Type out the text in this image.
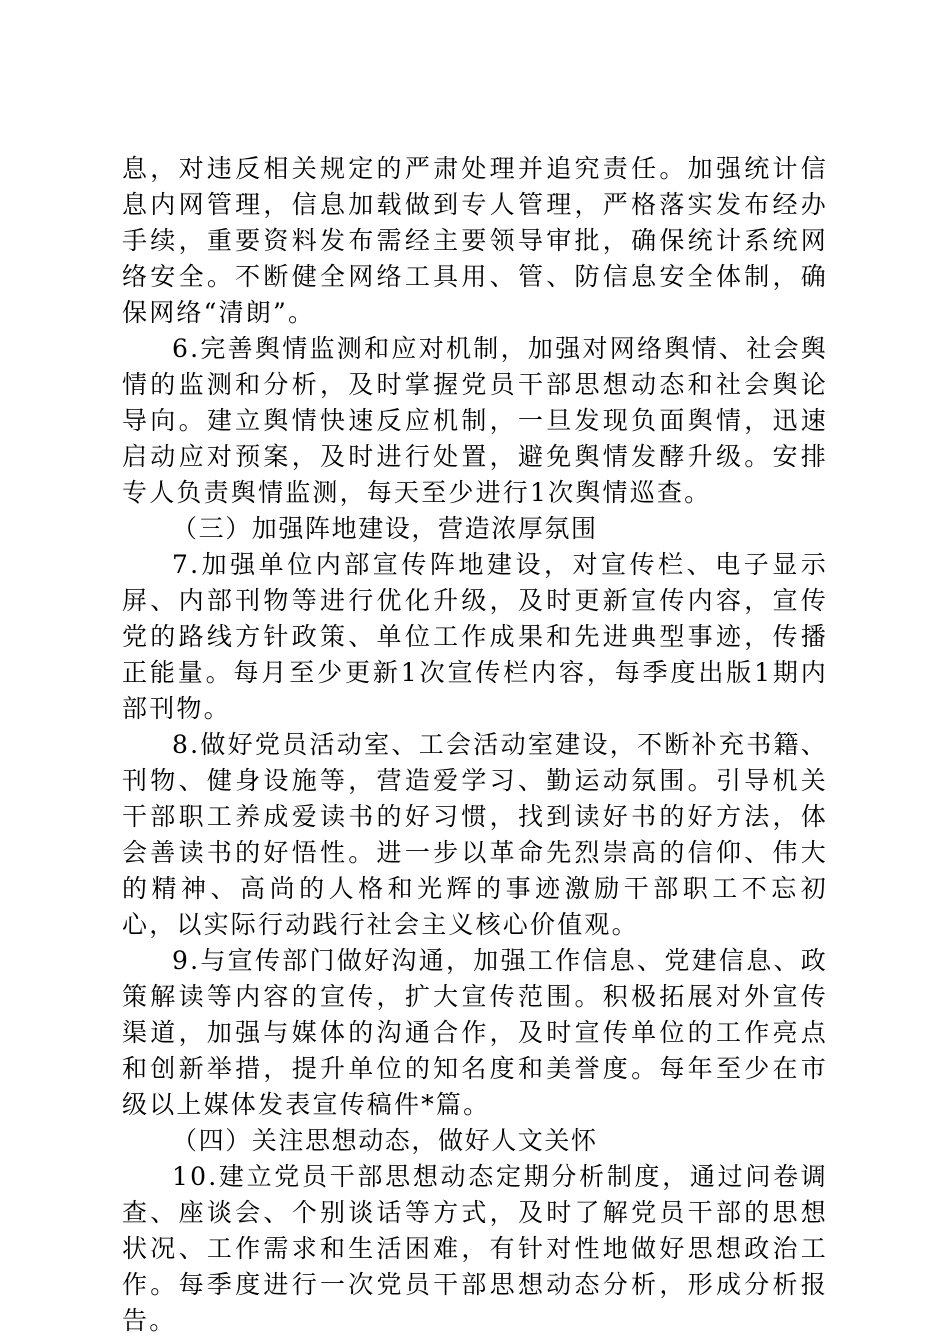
息，对违反相关规定的严肃处理并追究责任。加强统计信息内网管理，信息加载做到专人管理，严格落实发布经办手续，重要资料发布需经主要领导审批，确保统计系统网络安全。不断健全网络工具用、管、防信息安全体制，确保网络“清朗”。

6.完善舆情监测和应对机制，加强对网络舆情、社会舆情的监测和分析，及时掌握党员干部思想动态和社会舆论导向。建立舆情快速反应机制，一旦发现负面舆情，迅速启动应对预案，及时进行处置，避免舆情发酵升级。安排专人负责舆情监测，每天至少进行1次舆情巡查。

（三）加强阵地建设，营造浓厚氛围

7.加强单位内部宣传阵地建设，对宣传栏、电子显示屏、内部刊物等进行优化升级，及时更新宣传内容，宣传党的路线方针政策、单位工作成果和先进典型事迹，传播正能量。每月至少更新1次宣传栏内容，每季度出版1期内部刊物。

8.做好党员活动室、工会活动室建设，不断补充书籍、刊物、健身设施等，营造爱学习、勤运动氛围。引导机关干部职工养成爱读书的好习惯，找到读好书的好方法，体会善读书的好悟性。进一步以革命先烈崇高的信仰、伟大的精神、高尚的人格和光辉的事迹激励干部职工不忘初心，以实际行动践行社会主义核心价值观。

9.与宣传部门做好沟通，加强工作信息、党建信息、政策解读等内容的宣传，扩大宣传范围。积极拓展对外宣传渠道，加强与媒体的沟通合作，及时宣传单位的工作亮点和创新举措，提升单位的知名度和美誉度。每年至少在市级以上媒体发表宣传稿件*篇。

（四）关注思想动态，做好人文关怀

10.建立党员干部思想动态定期分析制度，通过问卷调查、座谈会、个别谈话等方式，及时了解党员干部的思想状况、工作需求和生活困难，有针对性地做好思想政治工作。每季度进行一次党员干部思想动态分析，形成分析报告。
